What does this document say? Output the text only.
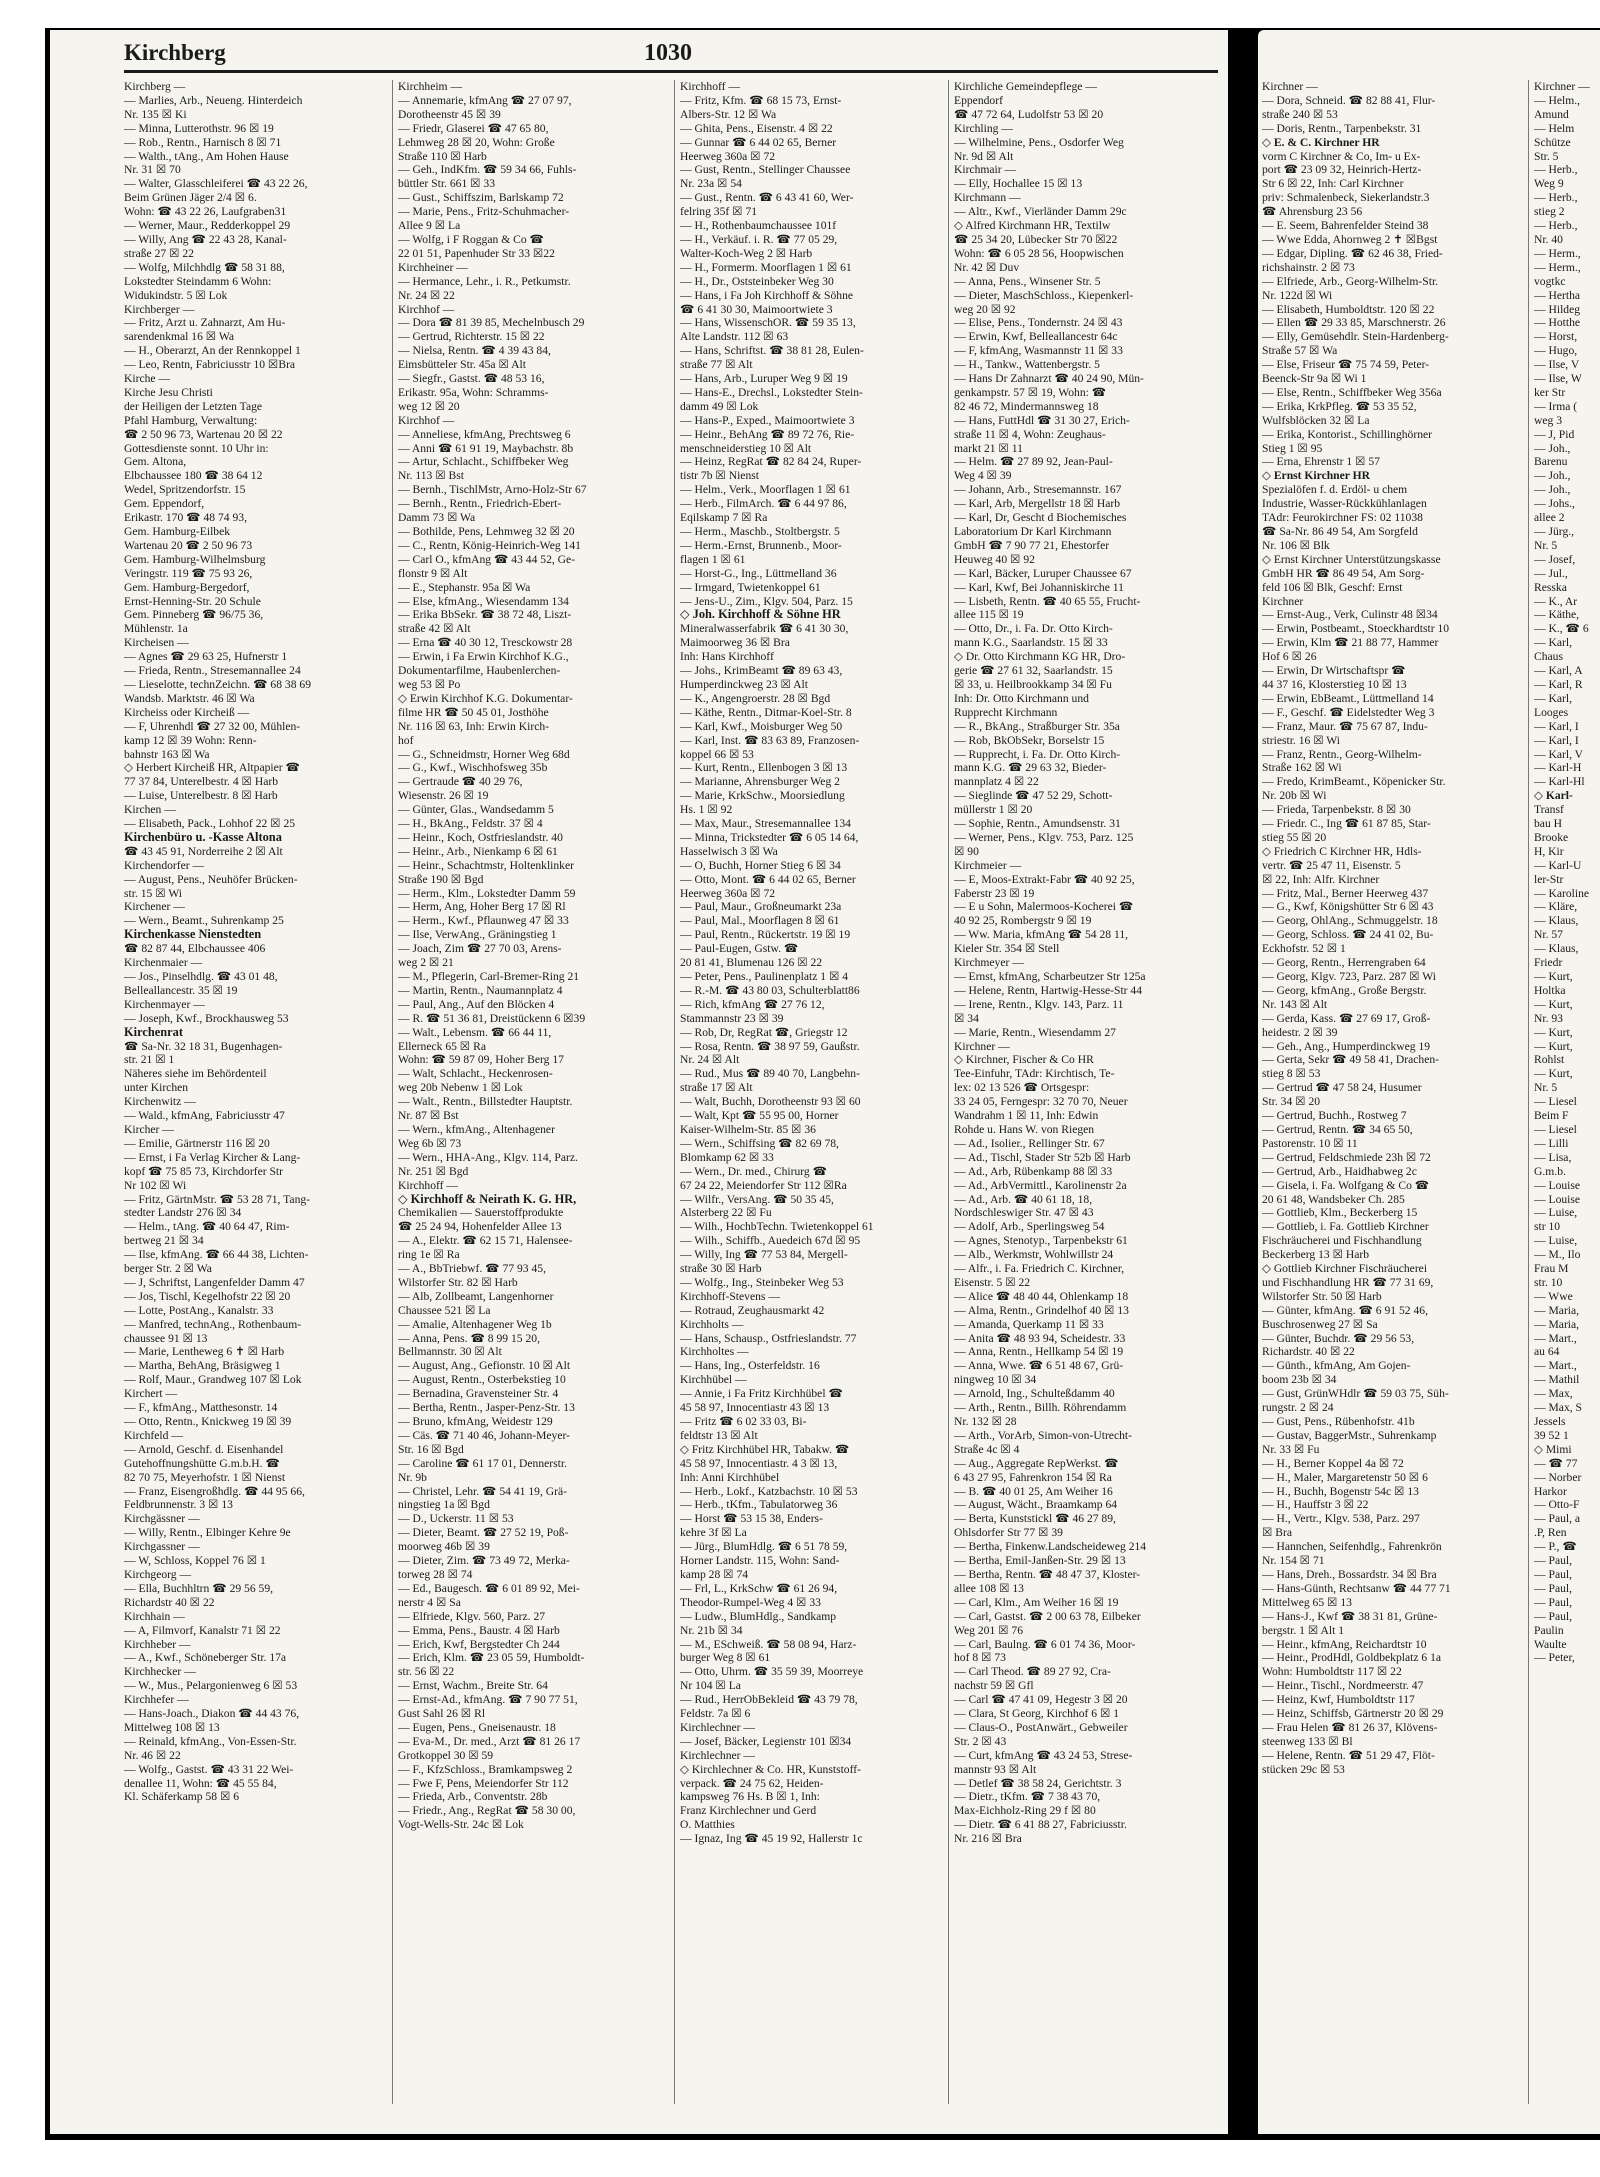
Kirchberg	1030

Kirchberg —

— Marlies, Arb., Neueng. Hinterdeich

Nr. 135 ☒ Ki

— Minna, Lutterothstr. 96 ☒ 19

— Rob., Rentn., Harnisch 8 ☒ 71

— Walth., tAng., Am Hohen Hause

Nr. 31 ☒ 70

— Walter, Glasschleiferei ☎ 43 22 26,

Beim Grünen Jäger 2/4 ☒ 6.

Wohn: ☎ 43 22 26, Laufgraben31

— Werner, Maur., Redderkoppel 29

— Willy, Ang ☎ 22 43 28, Kanal-

straße 27 ☒ 22

— Wolfg, Milchhdlg ☎ 58 31 88,

Lokstedter Steindamm 6 Wohn:

Widukindstr. 5 ☒ Lok

Kirchberger —

— Fritz, Arzt u. Zahnarzt, Am Hu-

sarendenkmal 16 ☒ Wa

— H., Oberarzt, An der Rennkoppel 1

— Leo, Rentn, Fabriciusstr 10 ☒Bra

Kirche —

Kirche Jesu Christi

der Heiligen der Letzten Tage

Pfahl Hamburg, Verwaltung:

☎ 2 50 96 73, Wartenau 20 ☒ 22

Gottesdienste sonnt. 10 Uhr in:

Gem. Altona,

Elbchaussee 180 ☎ 38 64 12

Wedel, Spritzendorfstr. 15

Gem. Eppendorf,

Erikastr. 170 ☎ 48 74 93,

Gem. Hamburg-Eilbek

Wartenau 20 ☎ 2 50 96 73

Gem. Hamburg-Wilhelmsburg

Veringstr. 119 ☎ 75 93 26,

Gem. Hamburg-Bergedorf,

Ernst-Henning-Str. 20 Schule

Gem. Pinneberg ☎ 96/75 36,

Mühlenstr. 1a

Kircheisen —

— Agnes ☎ 29 63 25, Hufnerstr 1

— Frieda, Rentn., Stresemannallee 24

— Lieselotte, technZeichn. ☎ 68 38 69

Wandsb. Marktstr. 46 ☒ Wa

Kircheiss oder Kircheiß —

— F, Uhrenhdl ☎ 27 32 00, Mühlen-

kamp 12 ☒ 39 Wohn: Renn-

bahnstr 163 ☒ Wa

◇ Herbert Kircheiß HR, Altpapier ☎

77 37 84, Unterelbestr. 4 ☒ Harb

— Luise, Unterelbestr. 8 ☒ Harb

Kirchen —

— Elisabeth, Pack., Lohhof 22 ☒ 25

Kirchenbüro u. -Kasse Altona

☎ 43 45 91, Norderreihe 2 ☒ Alt

Kirchendorfer —

— August, Pens., Neuhöfer Brücken-

str. 15 ☒ Wi

Kirchener —

— Wern., Beamt., Suhrenkamp 25

Kirchenkasse Nienstedten

☎ 82 87 44, Elbchaussee 406

Kirchenmaier —

— Jos., Pinselhdlg. ☎ 43 01 48,

Belleallancestr. 35 ☒ 19

Kirchenmayer —

— Joseph, Kwf., Brockhausweg 53

Kirchenrat

☎ Sa-Nr. 32 18 31, Bugenhagen-

str. 21 ☒ 1

Näheres siehe im Behördenteil

unter Kirchen

Kirchenwitz —

— Wald., kfmAng, Fabriciusstr 47

Kircher —

— Emilie, Gärtnerstr 116 ☒ 20

— Ernst, i Fa Verlag Kircher & Lang-

kopf ☎ 75 85 73, Kirchdorfer Str

Nr 102 ☒ Wi

— Fritz, GärtnMstr. ☎ 53 28 71, Tang-

stedter Landstr 276 ☒ 34

— Helm., tAng. ☎ 40 64 47, Rim-

bertweg 21 ☒ 34

— Ilse, kfmAng. ☎ 66 44 38, Lichten-

berger Str. 2 ☒ Wa

— J, Schriftst, Langenfelder Damm 47

— Jos, Tischl, Kegelhofstr 22 ☒ 20

— Lotte, PostAng., Kanalstr. 33

— Manfred, technAng., Rothenbaum-

chaussee 91 ☒ 13

— Marie, Lentheweg 6 ✝ ☒ Harb

— Martha, BehAng, Bräsigweg 1

— Rolf, Maur., Grandweg 107 ☒ Lok

Kirchert —

— F., kfmAng., Matthesonstr. 14

— Otto, Rentn., Knickweg 19 ☒ 39

Kirchfeld —

— Arnold, Geschf. d. Eisenhandel

Gutehoffnungshütte G.m.b.H. ☎

82 70 75, Meyerhofstr. 1 ☒ Nienst

— Franz, Eisengroßhdlg. ☎ 44 95 66,

Feldbrunnenstr. 3 ☒ 13

Kirchgässner —

— Willy, Rentn., Elbinger Kehre 9e

Kirchgassner —

— W, Schloss, Koppel 76 ☒ 1

Kirchgeorg —

— Ella, Buchhltrn ☎ 29 56 59,

Richardstr 40 ☒ 22

Kirchhain —

— A, Filmvorf, Kanalstr 71 ☒ 22

Kirchheber —

— A., Kwf., Schöneberger Str. 17a

Kirchhecker —

— W., Mus., Pelargonienweg 6 ☒ 53

Kirchhefer —

— Hans-Joach., Diakon ☎ 44 43 76,

Mittelweg 108 ☒ 13

— Reinald, kfmAng., Von-Essen-Str.

Nr. 46 ☒ 22

— Wolfg., Gastst. ☎ 43 31 22 Wei-

denallee 11, Wohn: ☎ 45 55 84,

Kl. Schäferkamp 58 ☒ 6

Kirchheim —

— Annemarie, kfmAng ☎ 27 07 97,

Dorotheenstr 45 ☒ 39

— Friedr, Glaserei ☎ 47 65 80,

Lehmweg 28 ☒ 20, Wohn: Große

Straße 110 ☒ Harb

— Geh., IndKfm. ☎ 59 34 66, Fuhls-

büttler Str. 661 ☒ 33

— Gust., Schiffszim, Barlskamp 72

— Marie, Pens., Fritz-Schuhmacher-

Allee 9 ☒ La

— Wolfg, i F Roggan & Co ☎

22 01 51, Papenhuder Str 33 ☒22

Kirchheiner —

— Hermance, Lehr., i. R., Petkumstr.

Nr. 24 ☒ 22

Kirchhof —

— Dora ☎ 81 39 85, Mechelnbusch 29

— Gertrud, Richterstr. 15 ☒ 22

— Nielsa, Rentn. ☎ 4 39 43 84,

Eimsbütteler Str. 45a ☒ Alt

— Siegfr., Gastst. ☎ 48 53 16,

Erikastr. 95a, Wohn: Schramms-

weg 12 ☒ 20

Kirchhof —

— Anneliese, kfmAng, Prechtsweg 6

— Anni ☎ 61 91 19, Maybachstr. 8b

— Artur, Schlacht., Schiffbeker Weg

Nr. 113 ☒ Bst

— Bernh., TischlMstr, Arno-Holz-Str 67

— Bernh., Rentn., Friedrich-Ebert-

Damm 73 ☒ Wa

— Bothilde, Pens, Lehmweg 32 ☒ 20

— C., Rentn, König-Heinrich-Weg 141

— Carl O., kfmAng ☎ 43 44 52, Ge-

flonstr 9 ☒ Alt

— E., Stephanstr. 95a ☒ Wa

— Else, kfmAng., Wiesendamm 134

— Erika BbSekr. ☎ 38 72 48, Liszt-

straße 42 ☒ Alt

— Erna ☎ 40 30 12, Tresckowstr 28

— Erwin, i Fa Erwin Kirchhof K.G.,

Dokumentarfilme, Haubenlerchen-

weg 53 ☒ Po

◇ Erwin Kirchhof K.G. Dokumentar-

filme HR ☎ 50 45 01, Josthöhe

Nr. 116 ☒ 63, Inh: Erwin Kirch-

hof

— G., Schneidmstr, Horner Weg 68d

— G., Kwf., Wischhofsweg 35b

— Gertraude ☎ 40 29 76,

Wiesenstr. 26 ☒ 19

— Günter, Glas., Wandsedamm 5

— H., BkAng., Feldstr. 37 ☒ 4

— Heinr., Koch, Ostfrieslandstr. 40

— Heinr., Arb., Nienkamp 6 ☒ 61

— Heinr., Schachtmstr, Holtenklinker

Straße 190 ☒ Bgd

— Herm., Klm., Lokstedter Damm 59

— Herm, Ang, Hoher Berg 17 ☒ Rl

— Herm., Kwf., Pflaunweg 47 ☒ 33

— Ilse, VerwAng., Gräningstieg 1

— Joach, Zim ☎ 27 70 03, Arens-

weg 2 ☒ 21

— M., Pflegerin, Carl-Bremer-Ring 21

— Martin, Rentn., Naumannplatz 4

— Paul, Ang., Auf den Blöcken 4

— R. ☎ 51 36 81, Dreistückenn 6 ☒39

— Walt., Lebensm. ☎ 66 44 11,

Ellerneck 65 ☒ Ra

Wohn: ☎ 59 87 09, Hoher Berg 17

— Walt, Schlacht., Heckenrosen-

weg 20b Nebenw 1 ☒ Lok

— Walt., Rentn., Billstedter Hauptstr.

Nr. 87 ☒ Bst

— Wern., kfmAng., Altenhagener

Weg 6b ☒ 73

— Wern., HHA-Ang., Klgv. 114, Parz.

Nr. 251 ☒ Bgd

Kirchhoff —

◇ Kirchhoff & Neirath K. G. HR,

Chemikalien — Sauerstoffprodukte

☎ 25 24 94, Hohenfelder Allee 13

— A., Elektr. ☎ 62 15 71, Halensee-

ring 1e ☒ Ra

— A., BbTriebwf. ☎ 77 93 45,

Wilstorfer Str. 82 ☒ Harb

— Alb, Zollbeamt, Langenhorner

Chaussee 521 ☒ La

— Amalie, Altenhagener Weg 1b

— Anna, Pens. ☎ 8 99 15 20,

Bellmannstr. 30 ☒ Alt

— August, Ang., Gefionstr. 10 ☒ Alt

— August, Rentn., Osterbekstieg 10

— Bernadina, Gravensteiner Str. 4

— Bertha, Rentn., Jasper-Penz-Str. 13

— Bruno, kfmAng, Weidestr 129

— Cäs. ☎ 71 40 46, Johann-Meyer-

Str. 16 ☒ Bgd

— Caroline ☎ 61 17 01, Dennerstr.

Nr. 9b

— Christel, Lehr. ☎ 54 41 19, Grä-

ningstieg 1a ☒ Bgd

— D., Uckerstr. 11 ☒ 53

— Dieter, Beamt. ☎ 27 52 19, Poß-

moorweg 46b ☒ 39

— Dieter, Zim. ☎ 73 49 72, Merka-

torweg 28 ☒ 74

— Ed., Baugesch. ☎ 6 01 89 92, Mei-

nerstr 4 ☒ Sa

— Elfriede, Klgv. 560, Parz. 27

— Emma, Pens., Baustr. 4 ☒ Harb

— Erich, Kwf, Bergstedter Ch 244

— Erich, Klm. ☎ 23 05 59, Humboldt-

str. 56 ☒ 22

— Ernst, Wachm., Breite Str. 64

— Ernst-Ad., kfmAng. ☎ 7 90 77 51,

Gust Sahl 26 ☒ Rl

— Eugen, Pens., Gneisenaustr. 18

— Eva-M., Dr. med., Arzt ☎ 81 26 17

Grotkoppel 30 ☒ 59

— F., KfzSchloss., Bramkampsweg 2

— Fwe F, Pens, Meiendorfer Str 112

— Frieda, Arb., Conventstr. 28b

— Friedr., Ang., RegRat ☎ 58 30 00,

Vogt-Wells-Str. 24c ☒ Lok

Kirchhoff —

— Fritz, Kfm. ☎ 68 15 73, Ernst-

Albers-Str. 12 ☒ Wa

— Ghita, Pens., Eisenstr. 4 ☒ 22

— Gunnar ☎ 6 44 02 65, Berner

Heerweg 360a ☒ 72

— Gust, Rentn., Stellinger Chaussee

Nr. 23a ☒ 54

— Gust., Rentn. ☎ 6 43 41 60, Wer-

felring 35f ☒ 71

— H., Rothenbaumchaussee 101f

— H., Verkäuf. i. R. ☎ 77 05 29,

Walter-Koch-Weg 2 ☒ Harb

— H., Formerm. Moorflagen 1 ☒ 61

— H., Dr., Oststeinbeker Weg 30

— Hans, i Fa Joh Kirchhoff & Söhne

☎ 6 41 30 30, Maimoortwiete 3

— Hans, WissenschOR. ☎ 59 35 13,

Alte Landstr. 112 ☒ 63

— Hans, Schriftst. ☎ 38 81 28, Eulen-

straße 77 ☒ Alt

— Hans, Arb., Luruper Weg 9 ☒ 19

— Hans-E., Drechsl., Lokstedter Stein-

damm 49 ☒ Lok

— Hans-P., Exped., Maimoortwiete 3

— Heinr., BehAng ☎ 89 72 76, Rie-

menschneiderstieg 10 ☒ Alt

— Heinz, RegRat ☎ 82 84 24, Ruper-

tistr 7b ☒ Nienst

— Helm., Verk., Moorflagen 1 ☒ 61

— Herb., FilmArch. ☎ 6 44 97 86,

Eqilskamp 7 ☒ Ra

— Herm., Maschb., Stoltbergstr. 5

— Herm.-Ernst, Brunnenb., Moor-

flagen 1 ☒ 61

— Horst-G., Ing., Lüttmelland 36

— Irmgard, Twietenkoppel 61

— Jens-U., Zim., Klgv. 504, Parz. 15

◇ Joh. Kirchhoff & Söhne HR

Mineralwasserfabrik ☎ 6 41 30 30,

Maimoorweg 36 ☒ Bra

Inh: Hans Kirchhoff

— Johs., KrimBeamt ☎ 89 63 43,

Humperdinckweg 23 ☒ Alt

— K., Angengroerstr. 28 ☒ Bgd

— Käthe, Rentn., Ditmar-Koel-Str. 8

— Karl, Kwf., Moisburger Weg 50

— Karl, Inst. ☎ 83 63 89, Franzosen-

koppel 66 ☒ 53

— Kurt, Rentn., Ellenbogen 3 ☒ 13

— Marianne, Ahrensburger Weg 2

— Marie, KrkSchw., Moorsiedlung

Hs. 1 ☒ 92

— Max, Maur., Stresemannallee 134

— Minna, Trickstedter ☎ 6 05 14 64,

Hasselwisch 3 ☒ Wa

— O, Buchh, Horner Stieg 6 ☒ 34

— Otto, Mont. ☎ 6 44 02 65, Berner

Heerweg 360a ☒ 72

— Paul, Maur., Großneumarkt 23a

— Paul, Mal., Moorflagen 8 ☒ 61

— Paul, Rentn., Rückertstr. 19 ☒ 19

— Paul-Eugen, Gstw. ☎

20 81 41, Blumenau 126 ☒ 22

— Peter, Pens., Paulinenplatz 1 ☒ 4

— R.-M. ☎ 43 80 03, Schulterblatt86

— Rich, kfmAng ☎ 27 76 12,

Stammannstr 23 ☒ 39

— Rob, Dr, RegRat ☎, Griegstr 12

— Rosa, Rentn. ☎ 38 97 59, Gaußstr.

Nr. 24 ☒ Alt

— Rud., Mus ☎ 89 40 70, Langbehn-

straße 17 ☒ Alt

— Walt, Buchh, Dorotheenstr 93 ☒ 60

— Walt, Kpt ☎ 55 95 00, Horner

Kaiser-Wilhelm-Str. 85 ☒ 36

— Wern., Schiffsing ☎ 82 69 78,

Blomkamp 62 ☒ 33

— Wern., Dr. med., Chirurg ☎

67 24 22, Meiendorfer Str 112 ☒Ra

— Wilfr., VersAng. ☎ 50 35 45,

Alsterberg 22 ☒ Fu

— Wilh., HochbTechn. Twietenkoppel 61

— Wilh., Schiffb., Auedeich 67d ☒ 95

— Willy, Ing ☎ 77 53 84, Mergell-

straße 30 ☒ Harb

— Wolfg., Ing., Steinbeker Weg 53

Kirchhoff-Stevens —

— Rotraud, Zeughausmarkt 42

Kirchholts —

— Hans, Schausp., Ostfrieslandstr. 77

Kirchholtes —

— Hans, Ing., Osterfeldstr. 16

Kirchhübel —

— Annie, i Fa Fritz Kirchhübel ☎

45 58 97, Innocentiastr 43 ☒ 13

— Fritz ☎ 6 02 33 03, Bi-

feldtstr 13 ☒ Alt

◇ Fritz Kirchhübel HR, Tabakw. ☎

45 58 97, Innocentiastr. 4 3 ☒ 13,

Inh: Anni Kirchhübel

— Herb., Lokf., Katzbachstr. 10 ☒ 53

— Herb., tKfm., Tabulatorweg 36

— Horst ☎ 53 15 38, Enders-

kehre 3f ☒ La

— Jürg., BlumHdlg. ☎ 6 51 78 59,

Horner Landstr. 115, Wohn: Sand-

kamp 28 ☒ 74

— Frl, L., KrkSchw ☎ 61 26 94,

Theodor-Rumpel-Weg 4 ☒ 33

— Ludw., BlumHdlg., Sandkamp

Nr. 21b ☒ 34

— M., ESchweiß. ☎ 58 08 94, Harz-

burger Weg 8 ☒ 61

— Otto, Uhrm. ☎ 35 59 39, Moorreye

Nr 104 ☒ La

— Rud., HerrObBekleid ☎ 43 79 78,

Feldstr. 7a ☒ 6

Kirchlechner —

— Josef, Bäcker, Legienstr 101 ☒34

Kirchlechner —

◇ Kirchlechner & Co. HR, Kunststoff-

verpack. ☎ 24 75 62, Heiden-

kampsweg 76 Hs. B ☒ 1, Inh:

Franz Kirchlechner und Gerd

O. Matthies

— Ignaz, Ing ☎ 45 19 92, Hallerstr 1c

Kirchliche Gemeindepflege —

Eppendorf

☎ 47 72 64, Ludolfstr 53 ☒ 20

Kirchling —

— Wilhelmine, Pens., Osdorfer Weg

Nr. 9d ☒ Alt

Kirchmair —

— Elly, Hochallee 15 ☒ 13

Kirchmann —

— Altr., Kwf., Vierländer Damm 29c

◇ Alfred Kirchmann HR, Textilw

☎ 25 34 20, Lübecker Str 70 ☒22

Wohn: ☎ 6 05 28 56, Hoopwischen

Nr. 42 ☒ Duv

— Anna, Pens., Winsener Str. 5

— Dieter, MaschSchloss., Kiepenkerl-

weg 20 ☒ 92

— Elise, Pens., Tondernstr. 24 ☒ 43

— Erwin, Kwf, Belleallancestr 64c

— F, kfmAng, Wasmannstr 11 ☒ 33

— H., Tankw., Wattenbergstr. 5

— Hans Dr Zahnarzt ☎ 40 24 90, Mün-

genkampstr. 57 ☒ 19, Wohn: ☎

82 46 72, Mindermannsweg 18

— Hans, FuttHdl ☎ 31 30 27, Erich-

straße 11 ☒ 4, Wohn: Zeughaus-

markt 21 ☒ 11

— Helm. ☎ 27 89 92, Jean-Paul-

Weg 4 ☒ 39

— Johann, Arb., Stresemannstr. 167

— Karl, Arb, Mergellstr 18 ☒ Harb

— Karl, Dr, Gescht d Biochemisches

Laboratorium Dr Karl Kirchmann

GmbH ☎ 7 90 77 21, Ehestorfer

Heuweg 40 ☒ 92

— Karl, Bäcker, Luruper Chaussee 67

— Karl, Kwf, Bei Johanniskirche 11

— Lisbeth, Rentn. ☎ 40 65 55, Frucht-

allee 115 ☒ 19

— Otto, Dr., i. Fa. Dr. Otto Kirch-

mann K.G., Saarlandstr. 15 ☒ 33

◇ Dr. Otto Kirchmann KG HR, Dro-

gerie ☎ 27 61 32, Saarlandstr. 15

☒ 33, u. Heilbrookkamp 34 ☒ Fu

Inh: Dr. Otto Kirchmann und

Rupprecht Kirchmann

— R., BkAng., Straßburger Str. 35a

— Rob, BkObSekr, Borselstr 15

— Rupprecht, i. Fa. Dr. Otto Kirch-

mann K.G. ☎ 29 63 32, Bieder-

mannplatz 4 ☒ 22

— Sieglinde ☎ 47 52 29, Schott-

müllerstr 1 ☒ 20

— Sophie, Rentn., Amundsenstr. 31

— Werner, Pens., Klgv. 753, Parz. 125

☒ 90

Kirchmeier —

— E, Moos-Extrakt-Fabr ☎ 40 92 25,

Faberstr 23 ☒ 19

— E u Sohn, Malermoos-Kocherei ☎

40 92 25, Rombergstr 9 ☒ 19

— Ww. Maria, kfmAng ☎ 54 28 11,

Kieler Str. 354 ☒ Stell

Kirchmeyer —

— Ernst, kfmAng, Scharbeutzer Str 125a

— Helene, Rentn, Hartwig-Hesse-Str 44

— Irene, Rentn., Klgv. 143, Parz. 11

☒ 34

— Marie, Rentn., Wiesendamm 27

Kirchner —

◇ Kirchner, Fischer & Co HR

Tee-Einfuhr, TAdr: Kirchtisch, Te-

lex: 02 13 526 ☎ Ortsgespr:

33 24 05, Ferngespr: 32 70 70, Neuer

Wandrahm 1 ☒ 11, Inh: Edwin

Rohde u. Hans W. von Riegen

— Ad., Isolier., Rellinger Str. 67

— Ad., Tischl, Stader Str 52b ☒ Harb

— Ad., Arb, Rübenkamp 88 ☒ 33

— Ad., ArbVermittl., Karolinenstr 2a

— Ad., Arb. ☎ 40 61 18, 18,

Nordschleswiger Str. 47 ☒ 43

— Adolf, Arb., Sperlingsweg 54

— Agnes, Stenotyp., Tarpenbekstr 61

— Alb., Werkmstr, Wohlwillstr 24

— Alfr., i. Fa. Friedrich C. Kirchner,

Eisenstr. 5 ☒ 22

— Alice ☎ 48 40 44, Ohlenkamp 18

— Alma, Rentn., Grindelhof 40 ☒ 13

— Amanda, Querkamp 11 ☒ 33

— Anita ☎ 48 93 94, Scheidestr. 33

— Anna, Rentn., Hellkamp 54 ☒ 19

— Anna, Wwe. ☎ 6 51 48 67, Grü-

ningweg 10 ☒ 34

— Arnold, Ing., Schulteßdamm 40

— Arth., Rentn., Billh. Röhrendamm

Nr. 132 ☒ 28

— Arth., VorArb, Simon-von-Utrecht-

Straße 4c ☒ 4

— Aug., Aggregate RepWerkst. ☎

6 43 27 95, Fahrenkron 154 ☒ Ra

— B. ☎ 40 01 25, Am Weiher 16

— August, Wächt., Braamkamp 64

— Berta, Kunststickl ☎ 46 27 89,

Ohlsdorfer Str 77 ☒ 39

— Bertha, Finkenw.Landscheideweg 214

— Bertha, Emil-Janßen-Str. 29 ☒ 13

— Bertha, Rentn. ☎ 48 47 37, Kloster-

allee 108 ☒ 13

— Carl, Klm., Am Weiher 16 ☒ 19

— Carl, Gastst. ☎ 2 00 63 78, Eilbeker

Weg 201 ☒ 76

— Carl, Baulng. ☎ 6 01 74 36, Moor-

hof 8 ☒ 73

— Carl Theod. ☎ 89 27 92, Cra-

nachstr 59 ☒ Gfl

— Carl ☎ 47 41 09, Hegestr 3 ☒ 20

— Clara, St Georg, Kirchhof 6 ☒ 1

— Claus-O., PostAnwärt., Gebweiler

Str. 2 ☒ 43

— Curt, kfmAng ☎ 43 24 53, Strese-

mannstr 93 ☒ Alt

— Detlef ☎ 38 58 24, Gerichtstr. 3

— Dietr., tKfm. ☎ 7 38 43 70,

Max-Eichholz-Ring 29 f ☒ 80

— Dietr. ☎ 6 41 88 27, Fabriciusstr.

Nr. 216 ☒ Bra

Kirchner —

— Dora, Schneid. ☎ 82 88 41, Flur-

straße 240 ☒ 53

— Doris, Rentn., Tarpenbekstr. 31

◇ E. & C. Kirchner HR

vorm C Kirchner & Co, Im- u Ex-

port ☎ 23 09 32, Heinrich-Hertz-

Str 6 ☒ 22, Inh: Carl Kirchner

priv: Schmalenbeck, Siekerlandstr.3

☎ Ahrensburg 23 56

— E. Seem, Bahrenfelder Steind 38

— Wwe Edda, Ahornweg 2 ✝ ☒Bgst

— Edgar, Dipling. ☎ 62 46 38, Fried-

richshainstr. 2 ☒ 73

— Elfriede, Arb., Georg-Wilhelm-Str.

Nr. 122d ☒ Wi

— Elisabeth, Humboldtstr. 120 ☒ 22

— Ellen ☎ 29 33 85, Marschnerstr. 26

— Elly, Gemüsehdlr. Stein-Hardenberg-

Straße 57 ☒ Wa

— Else, Friseur ☎ 75 74 59, Peter-

Beenck-Str 9a ☒ Wi 1

— Else, Rentn., Schiffbeker Weg 356a

— Erika, KrkPfleg. ☎ 53 35 52,

Wulfsblöcken 32 ☒ La

— Erika, Kontorist., Schillinghörner

Stieg 1 ☒ 95

— Erna, Ehrenstr 1 ☒ 57

◇ Ernst Kirchner HR

Spezialöfen f. d. Erdöl- u chem

Industrie, Wasser-Rückkühlanlagen

TAdr: Feurokirchner FS: 02 11038

☎ Sa-Nr. 86 49 54, Am Sorgfeld

Nr. 106 ☒ Blk

◇ Ernst Kirchner Unterstützungskasse

GmbH HR ☎ 86 49 54, Am Sorg-

feld 106 ☒ Blk, Geschf: Ernst

Kirchner

— Ernst-Aug., Verk, Culinstr 48 ☒34

— Erwin, Postbeamt., Stoeckhardtstr 10

— Erwin, Klm ☎ 21 88 77, Hammer

Hof 6 ☒ 26

— Erwin, Dr Wirtschaftspr ☎

44 37 16, Klosterstieg 10 ☒ 13

— Erwin, EbBeamt., Lüttmelland 14

— F., Geschf. ☎ Eidelstedter Weg 3

— Franz, Maur. ☎ 75 67 87, Indu-

striestr. 16 ☒ Wi

— Franz, Rentn., Georg-Wilhelm-

Straße 162 ☒ Wi

— Fredo, KrimBeamt., Köpenicker Str.

Nr. 20b ☒ Wi

— Frieda, Tarpenbekstr. 8 ☒ 30

— Friedr. C., Ing ☎ 61 87 85, Star-

stieg 55 ☒ 20

◇ Friedrich C Kirchner HR, Hdls-

vertr. ☎ 25 47 11, Eisenstr. 5

☒ 22, Inh: Alfr. Kirchner

— Fritz, Mal., Berner Heerweg 437

— G., Kwf, Königshütter Str 6 ☒ 43

— Georg, OhlAng., Schmuggelstr. 18

— Georg, Schloss. ☎ 24 41 02, Bu-

Eckhofstr. 52 ☒ 1

— Georg, Rentn., Herrengraben 64

— Georg, Klgv. 723, Parz. 287 ☒ Wi

— Georg, kfmAng., Große Bergstr.

Nr. 143 ☒ Alt

— Gerda, Kass. ☎ 27 69 17, Groß-

heidestr. 2 ☒ 39

— Geh., Ang., Humperdinckweg 19

— Gerta, Sekr ☎ 49 58 41, Drachen-

stieg 8 ☒ 53

— Gertrud ☎ 47 58 24, Husumer

Str. 34 ☒ 20

— Gertrud, Buchh., Rostweg 7

— Gertrud, Rentn. ☎ 34 65 50,

Pastorenstr. 10 ☒ 11

— Gertrud, Feldschmiede 23h ☒ 72

— Gertrud, Arb., Haidhabweg 2c

— Gisela, i. Fa. Wolfgang & Co ☎

20 61 48, Wandsbeker Ch. 285

— Gottlieb, Klm., Beckerberg 15

— Gottlieb, i. Fa. Gottlieb Kirchner

Fischräucherei und Fischhandlung

Beckerberg 13 ☒ Harb

◇ Gottlieb Kirchner Fischräucherei

und Fischhandlung HR ☎ 77 31 69,

Wilstorfer Str. 50 ☒ Harb

— Günter, kfmAng. ☎ 6 91 52 46,

Buschrosenweg 27 ☒ Sa

— Günter, Buchdr. ☎ 29 56 53,

Richardstr. 40 ☒ 22

— Günth., kfmAng, Am Gojen-

boom 23b ☒ 34

— Gust, GrünWHdlr ☎ 59 03 75, Süh-

rungstr. 2 ☒ 24

— Gust, Pens., Rübenhofstr. 41b

— Gustav, BaggerMstr., Suhrenkamp

Nr. 33 ☒ Fu

— H., Berner Koppel 4a ☒ 72

— H., Maler, Margaretenstr 50 ☒ 6

— H., Buchh, Bogenstr 54c ☒ 13

— H., Hauffstr 3 ☒ 22

— H., Vertr., Klgv. 538, Parz. 297

☒ Bra

— Hannchen, Seifenhdlg., Fahrenkrön

Nr. 154 ☒ 71

— Hans, Dreh., Bossardstr. 34 ☒ Bra

— Hans-Günth, Rechtsanw ☎ 44 77 71

Mittelweg 65 ☒ 13

— Hans-J., Kwf ☎ 38 31 81, Grüne-

bergstr. 1 ☒ Alt 1

— Heinr., kfmAng, Reichardtstr 10

— Heinr., ProdHdl, Goldbekplatz 6 1a

Wohn: Humboldtstr 117 ☒ 22

— Heinr., Tischl., Nordmeerstr. 47

— Heinz, Kwf, Humboldtstr 117

— Heinz, Schiffsb, Gärtnerstr 20 ☒ 29

— Frau Helen ☎ 81 26 37, Klövens-

steenweg 133 ☒ Bl

— Helene, Rentn. ☎ 51 29 47, Flöt-

stücken 29c ☒ 53

Kirchner —

— Helm.,

Amund

— Helm

Schütze

Str. 5

— Herb.,

Weg 9

— Herb.,

stieg 2

— Herb.,

Nr. 40

— Herm.,

— Herm.,

vogtkc

— Hertha

— Hildeg

— Hotthe

— Horst,

— Hugo,

— Ilse, V

— Ilse, W

ker Str

— Irma (

weg 3

— J, Pid

— Joh.,

Barenu

— Joh.,

— Joh.,

— Johs.,

allee 2

— Jürg.,

Nr. 5

— Josef,

— Jul.,

Resska

— K., Ar

— Käthe,

— K., ☎ 6

— Karl,

Chaus

— Karl, A

— Karl, R

— Karl,

Looges

— Karl, I

— Karl, I

— Karl, V

— Karl-H

— Karl-Hl

◇ Karl-

Transf

bau H

Brooke

H, Kir

— Karl-U

ler-Str

— Karoline

— Kläre,

— Klaus,

Nr. 57

— Klaus,

Friedr

— Kurt,

Holtka

— Kurt,

Nr. 93

— Kurt,

— Kurt,

Rohlst

— Kurt,

Nr. 5

— Liesel

Beim F

— Liesel

— Lilli

— Lisa,

G.m.b.

— Louise

— Louise

— Luise,

str 10

— Luise,

— M., Ilo

Frau M

str. 10

— Wwe

— Maria,

— Maria,

— Mart.,

au 64

— Mart.,

— Mathil

— Max,

— Max, S

Jessels

39 52 1

◇ Mimi

— ☎ 77

— Norber

Harkor

— Otto-F

— Paul, a

.P, Ren

— P., ☎

— Paul,

— Paul,

— Paul,

— Paul,

— Paul,

Paulin

Waulte

— Peter,
